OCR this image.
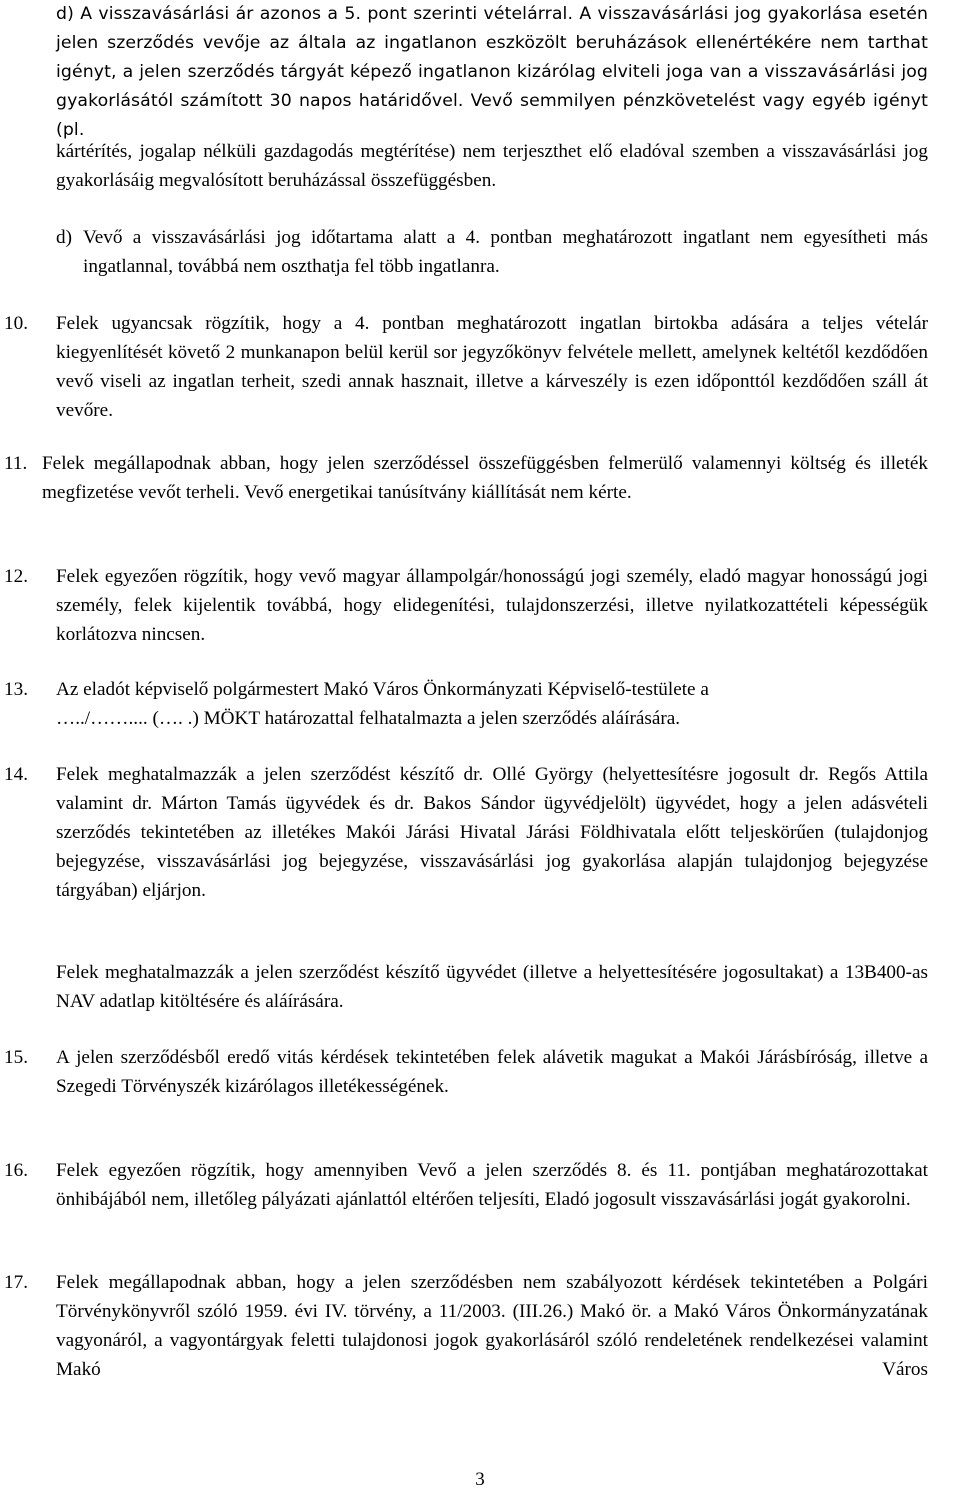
d) A visszavásárlási ár azonos a 5. pont szerinti vételárral. A visszavásárlási jog gyakorlása esetén jelen szerződés vevője az általa az ingatlanon eszközölt beruházások ellenértékére nem tarthat igényt, a jelen szerződés tárgyát képező ingatlanon kizárólag elviteli joga van a visszavásárlási jog gyakorlásától számított 30 napos határidővel. Vevő semmilyen pénzkövetelést vagy egyéb igényt (pl.

kártérítés, jogalap nélküli gazdagodás megtérítése) nem terjeszthet elő eladóval szemben a visszavásárlási jog gyakorlásáig megvalósított beruházással összefüggésben.

d) Vevő a visszavásárlási jog időtartama alatt a 4. pontban meghatározott ingatlant nem egyesítheti más ingatlannal, továbbá nem oszthatja fel több ingatlanra.

10. Felek ugyancsak rögzítik, hogy a 4. pontban meghatározott ingatlan birtokba adására a teljes vételár kiegyenlítését követő 2 munkanapon belül kerül sor jegyzőkönyv felvétele mellett, amelynek keltétől kezdődően vevő viseli az ingatlan terheit, szedi annak hasznait, illetve a kárveszély is ezen időponttól kezdődően száll át vevőre.

11. Felek megállapodnak abban, hogy jelen szerződéssel összefüggésben felmerülő valamennyi költség és illeték megfizetése vevőt terheli. Vevő energetikai tanúsítvány kiállítását nem kérte.

12. Felek egyezően rögzítik, hogy vevő magyar állampolgár/honosságú jogi személy, eladó magyar honosságú jogi személy, felek kijelentik továbbá, hogy elidegenítési, tulajdonszerzési, illetve nyilatkozattételi képességük korlátozva nincsen.

13. Az eladót képviselő polgármestert Makó Város Önkormányzati Képviselő-testülete a

…../…….... (…. .) MÖKT határozattal felhatalmazta a jelen szerződés aláírására.

14. Felek meghatalmazzák a jelen szerződést készítő dr. Ollé György (helyettesítésre jogosult dr. Regős Attila valamint dr. Márton Tamás ügyvédek és dr. Bakos Sándor ügyvédjelölt) ügyvédet, hogy a jelen adásvételi szerződés tekintetében az illetékes Makói Járási Hivatal Járási Földhivatala előtt teljeskörűen (tulajdonjog bejegyzése, visszavásárlási jog bejegyzése, visszavásárlási jog gyakorlása alapján tulajdonjog bejegyzése tárgyában) eljárjon.

Felek meghatalmazzák a jelen szerződést készítő ügyvédet (illetve a helyettesítésére jogosultakat) a 13B400-as NAV adatlap kitöltésére és aláírására.

15. A jelen szerződésből eredő vitás kérdések tekintetében felek alávetik magukat a Makói Járásbíróság, illetve a Szegedi Törvényszék kizárólagos illetékességének.

16. Felek egyezően rögzítik, hogy amennyiben Vevő a jelen szerződés 8. és 11. pontjában meghatározottakat önhibájából nem, illetőleg pályázati ajánlattól eltérően teljesíti, Eladó jogosult visszavásárlási jogát gyakorolni.

17. Felek megállapodnak abban, hogy a jelen szerződésben nem szabályozott kérdések tekintetében a Polgári Törvénykönyvről szóló 1959. évi IV. törvény, a 11/2003. (III.26.) Makó ör. a Makó Város Önkormányzatának vagyonáról, a vagyontárgyak feletti tulajdonosi jogok gyakorlásáról szóló rendeletének rendelkezései valamint Makó Város

3
